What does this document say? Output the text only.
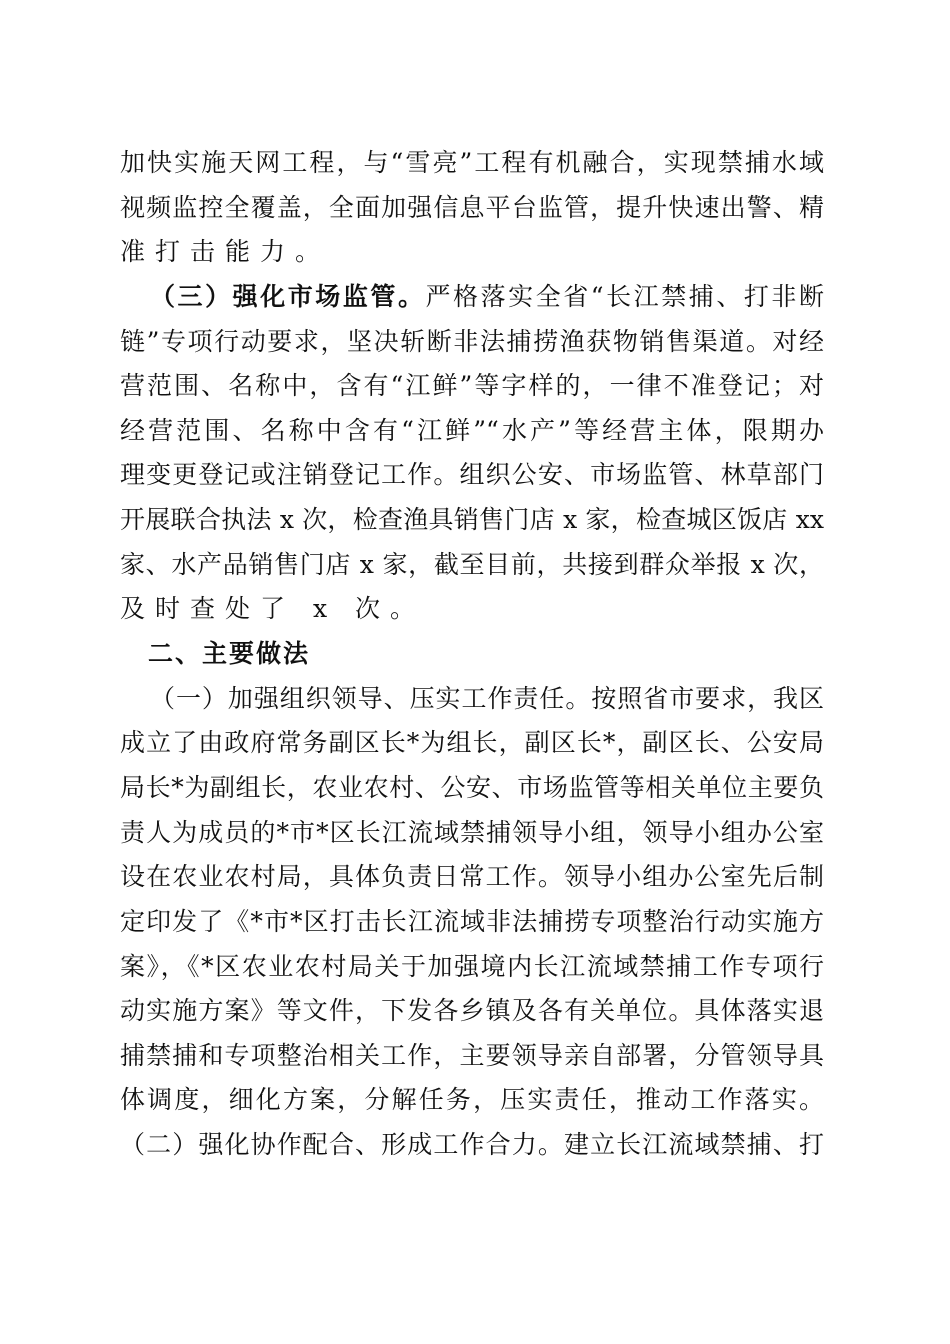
加快实施天网工程，与“雪亮”工程有机融合，实现禁捕水域
视频监控全覆盖，全面加强信息平台监管，提升快速出警、精
准打击能力。
（三）强化市场监管。严格落实全省“长江禁捕、打非断
链”专项行动要求，坚决斩断非法捕捞渔获物销售渠道。对经
营范围、名称中，含有“江鲜”等字样的，一律不准登记；对
经营范围、名称中含有“江鲜”“水产”等经营主体，限期办
理变更登记或注销登记工作。组织公安、市场监管、林草部门
开展联合执法 x 次，检查渔具销售门店 x 家，检查城区饭店 xx
家、水产品销售门店 x 家，截至目前，共接到群众举报 x 次，
及时查处了 x 次。
二、主要做法
（一）加强组织领导、压实工作责任。按照省市要求，我区
成立了由政府常务副区长*为组长，副区长*，副区长、公安局
局长*为副组长，农业农村、公安、市场监管等相关单位主要负
责人为成员的*市*区长江流域禁捕领导小组，领导小组办公室
设在农业农村局，具体负责日常工作。领导小组办公室先后制
定印发了《*市*区打击长江流域非法捕捞专项整治行动实施方
案》，《*区农业农村局关于加强境内长江流域禁捕工作专项行
动实施方案》等文件，下发各乡镇及各有关单位。具体落实退
捕禁捕和专项整治相关工作，主要领导亲自部署，分管领导具
体调度，细化方案，分解任务，压实责任，推动工作落实。
（二）强化协作配合、形成工作合力。建立长江流域禁捕、打
